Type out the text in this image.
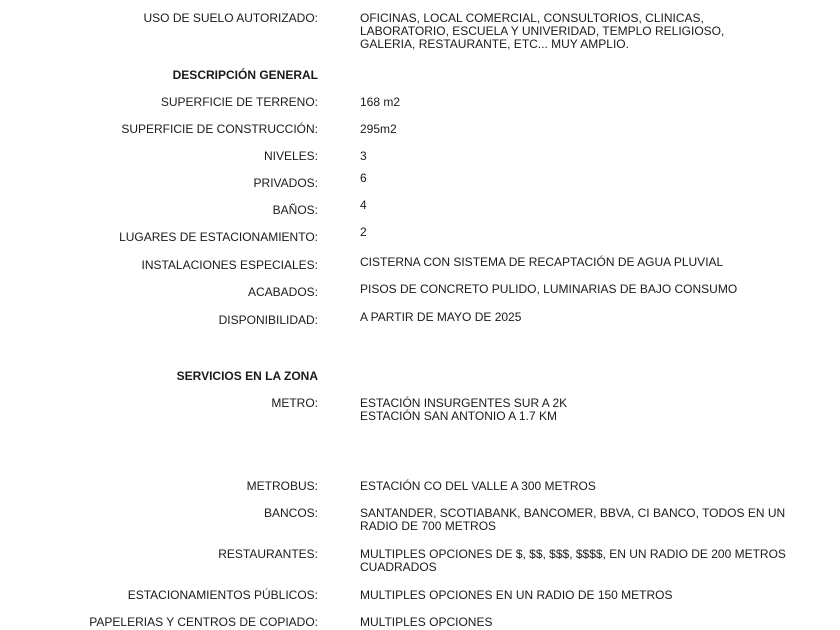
USO DE SUELO AUTORIZADO:	OFICINAS, LOCAL COMERCIAL, CONSULTORIOS, CLINICAS,
LABORATORIO, ESCUELA Y UNIVERIDAD, TEMPLO RELIGIOSO,
GALERIA, RESTAURANTE, ETC... MUY AMPLIO.
DESCRIPCIÓN GENERAL
SUPERFICIE DE TERRENO:	168 m2
SUPERFICIE DE CONSTRUCCIÓN:	295m2
NIVELES:	3
PRIVADOS:	6
BAÑOS:	4
LUGARES DE ESTACIONAMIENTO:	2
INSTALACIONES ESPECIALES:	CISTERNA CON SISTEMA DE RECAPTACIÓN DE AGUA PLUVIAL
ACABADOS:	PISOS DE CONCRETO PULIDO, LUMINARIAS DE BAJO CONSUMO
DISPONIBILIDAD:	A PARTIR DE MAYO DE 2025
SERVICIOS EN LA ZONA
METRO:	ESTACIÓN INSURGENTES SUR A 2K
ESTACIÓN SAN ANTONIO A 1.7 KM
METROBUS:	ESTACIÓN CO DEL VALLE A 300 METROS
BANCOS:	SANTANDER, SCOTIABANK, BANCOMER, BBVA, CI BANCO, TODOS EN UN
RADIO DE 700 METROS
RESTAURANTES:	MULTIPLES OPCIONES DE $, $$, $$$, $$$$, EN UN RADIO DE 200 METROS
CUADRADOS
ESTACIONAMIENTOS PÚBLICOS:	MULTIPLES OPCIONES EN UN RADIO DE 150 METROS
PAPELERIAS Y CENTROS DE COPIADO:	MULTIPLES OPCIONES
